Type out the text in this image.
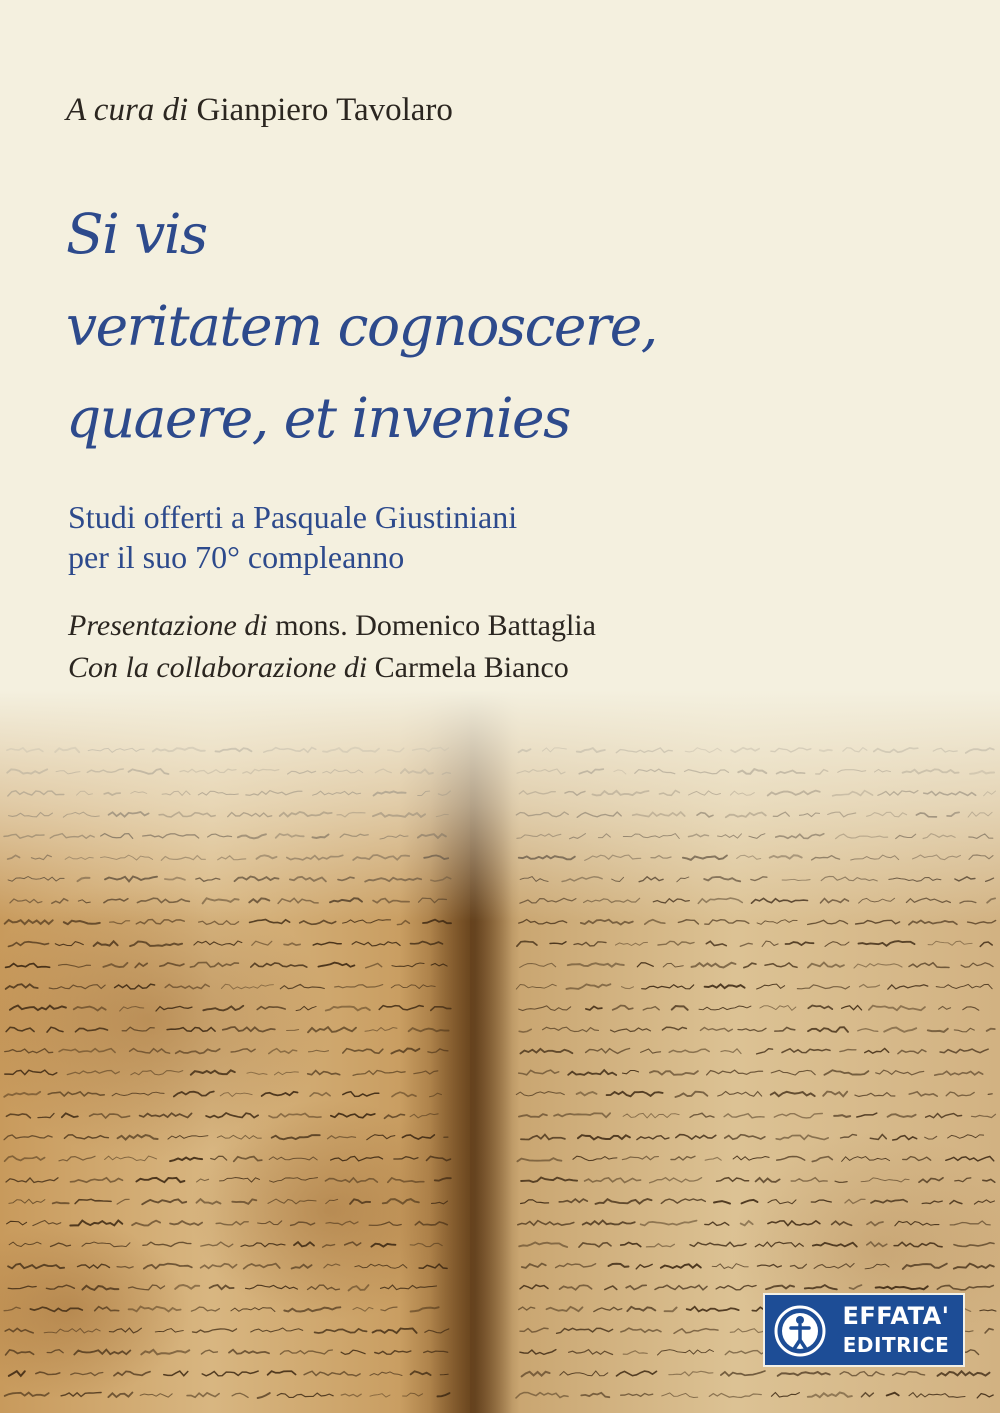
A cura di Gianpiero Tavolaro
Si vis
veritatem cognoscere,
quaere, et invenies
Studi offerti a Pasquale Giustiniani
per il suo 70° compleanno
Presentazione di mons. Domenico Battaglia
Con la collaborazione di Carmela Bianco
EFFATA'
EDITRICE
